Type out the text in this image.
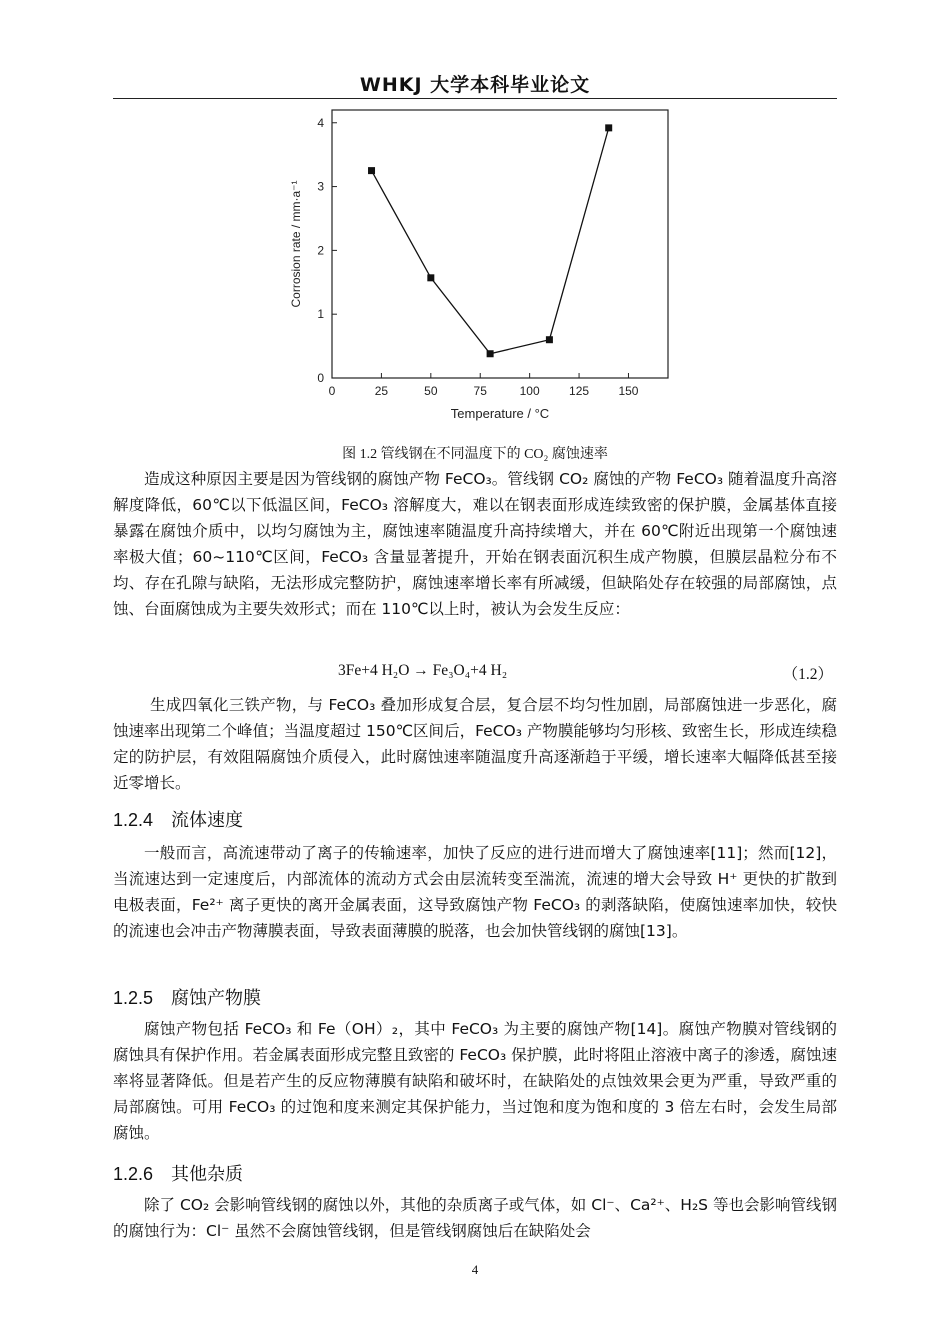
WHKJ 大学本科毕业论文
0	25	50	75	100 125 150
0
1
2
3
4
Temperature / °C
Corrosion rate / mm·a⁻¹
图 1.2 管线钢在不同温度下的 CO₂ 腐蚀速率
造成这种原因主要是因为管线钢的腐蚀产物 FeCO₃。管线钢 CO₂ 腐蚀的产物 FeCO₃ 随着温度升高溶解度降低，60℃以下低温区间，FeCO₃ 溶解度大，难以在钢表面形成连续致密的保护膜，金属基体直接暴露在腐蚀介质中，以均匀腐蚀为主，腐蚀速率随温度升高持续增大，并在 60℃附近出现第一个腐蚀速率极大值；60~110℃区间，FeCO₃ 含量显著提升，开始在钢表面沉积生成产物膜，但膜层晶粒分布不均、存在孔隙与缺陷，无法形成完整防护，腐蚀速率增长率有所减缓，但缺陷处存在较强的局部腐蚀，点蚀、台面腐蚀成为主要失效形式；而在 110℃以上时，被认为会发生反应：
3Fe+4 H₂O → Fe₃O₄+4 H₂	（1.2）
生成四氧化三铁产物，与 FeCO₃ 叠加形成复合层，复合层不均匀性加剧，局部腐蚀进一步恶化，腐蚀速率出现第二个峰值；当温度超过 150℃区间后，FeCO₃ 产物膜能够均匀形核、致密生长，形成连续稳定的防护层，有效阻隔腐蚀介质侵入，此时腐蚀速率随温度升高逐渐趋于平缓，增长速率大幅降低甚至接近零增长。
1.2.4 流体速度
一般而言，高流速带动了离子的传输速率，加快了反应的进行进而增大了腐蚀速率[11]；然而[12]，当流速达到一定速度后，内部流体的流动方式会由层流转变至湍流，流速的增大会导致 H⁺ 更快的扩散到电极表面，Fe²⁺ 离子更快的离开金属表面，这导致腐蚀产物 FeCO₃ 的剥落缺陷，使腐蚀速率加快，较快的流速也会冲击产物薄膜表面，导致表面薄膜的脱落，也会加快管线钢的腐蚀[13]。
1.2.5 腐蚀产物膜
腐蚀产物包括 FeCO₃ 和 Fe（OH）₂，其中 FeCO₃ 为主要的腐蚀产物[14]。腐蚀产物膜对管线钢的腐蚀具有保护作用。若金属表面形成完整且致密的 FeCO₃ 保护膜，此时将阻止溶液中离子的渗透，腐蚀速率将显著降低。但是若产生的反应物薄膜有缺陷和破坏时，在缺陷处的点蚀效果会更为严重，导致严重的局部腐蚀。可用 FeCO₃ 的过饱和度来测定其保护能力，当过饱和度为饱和度的 3 倍左右时，会发生局部腐蚀。
1.2.6 其他杂质
除了 CO₂ 会影响管线钢的腐蚀以外，其他的杂质离子或气体，如 Cl⁻、Ca²⁺、H₂S 等也会影响管线钢的腐蚀行为：Cl⁻ 虽然不会腐蚀管线钢，但是管线钢腐蚀后在缺陷处会
4
